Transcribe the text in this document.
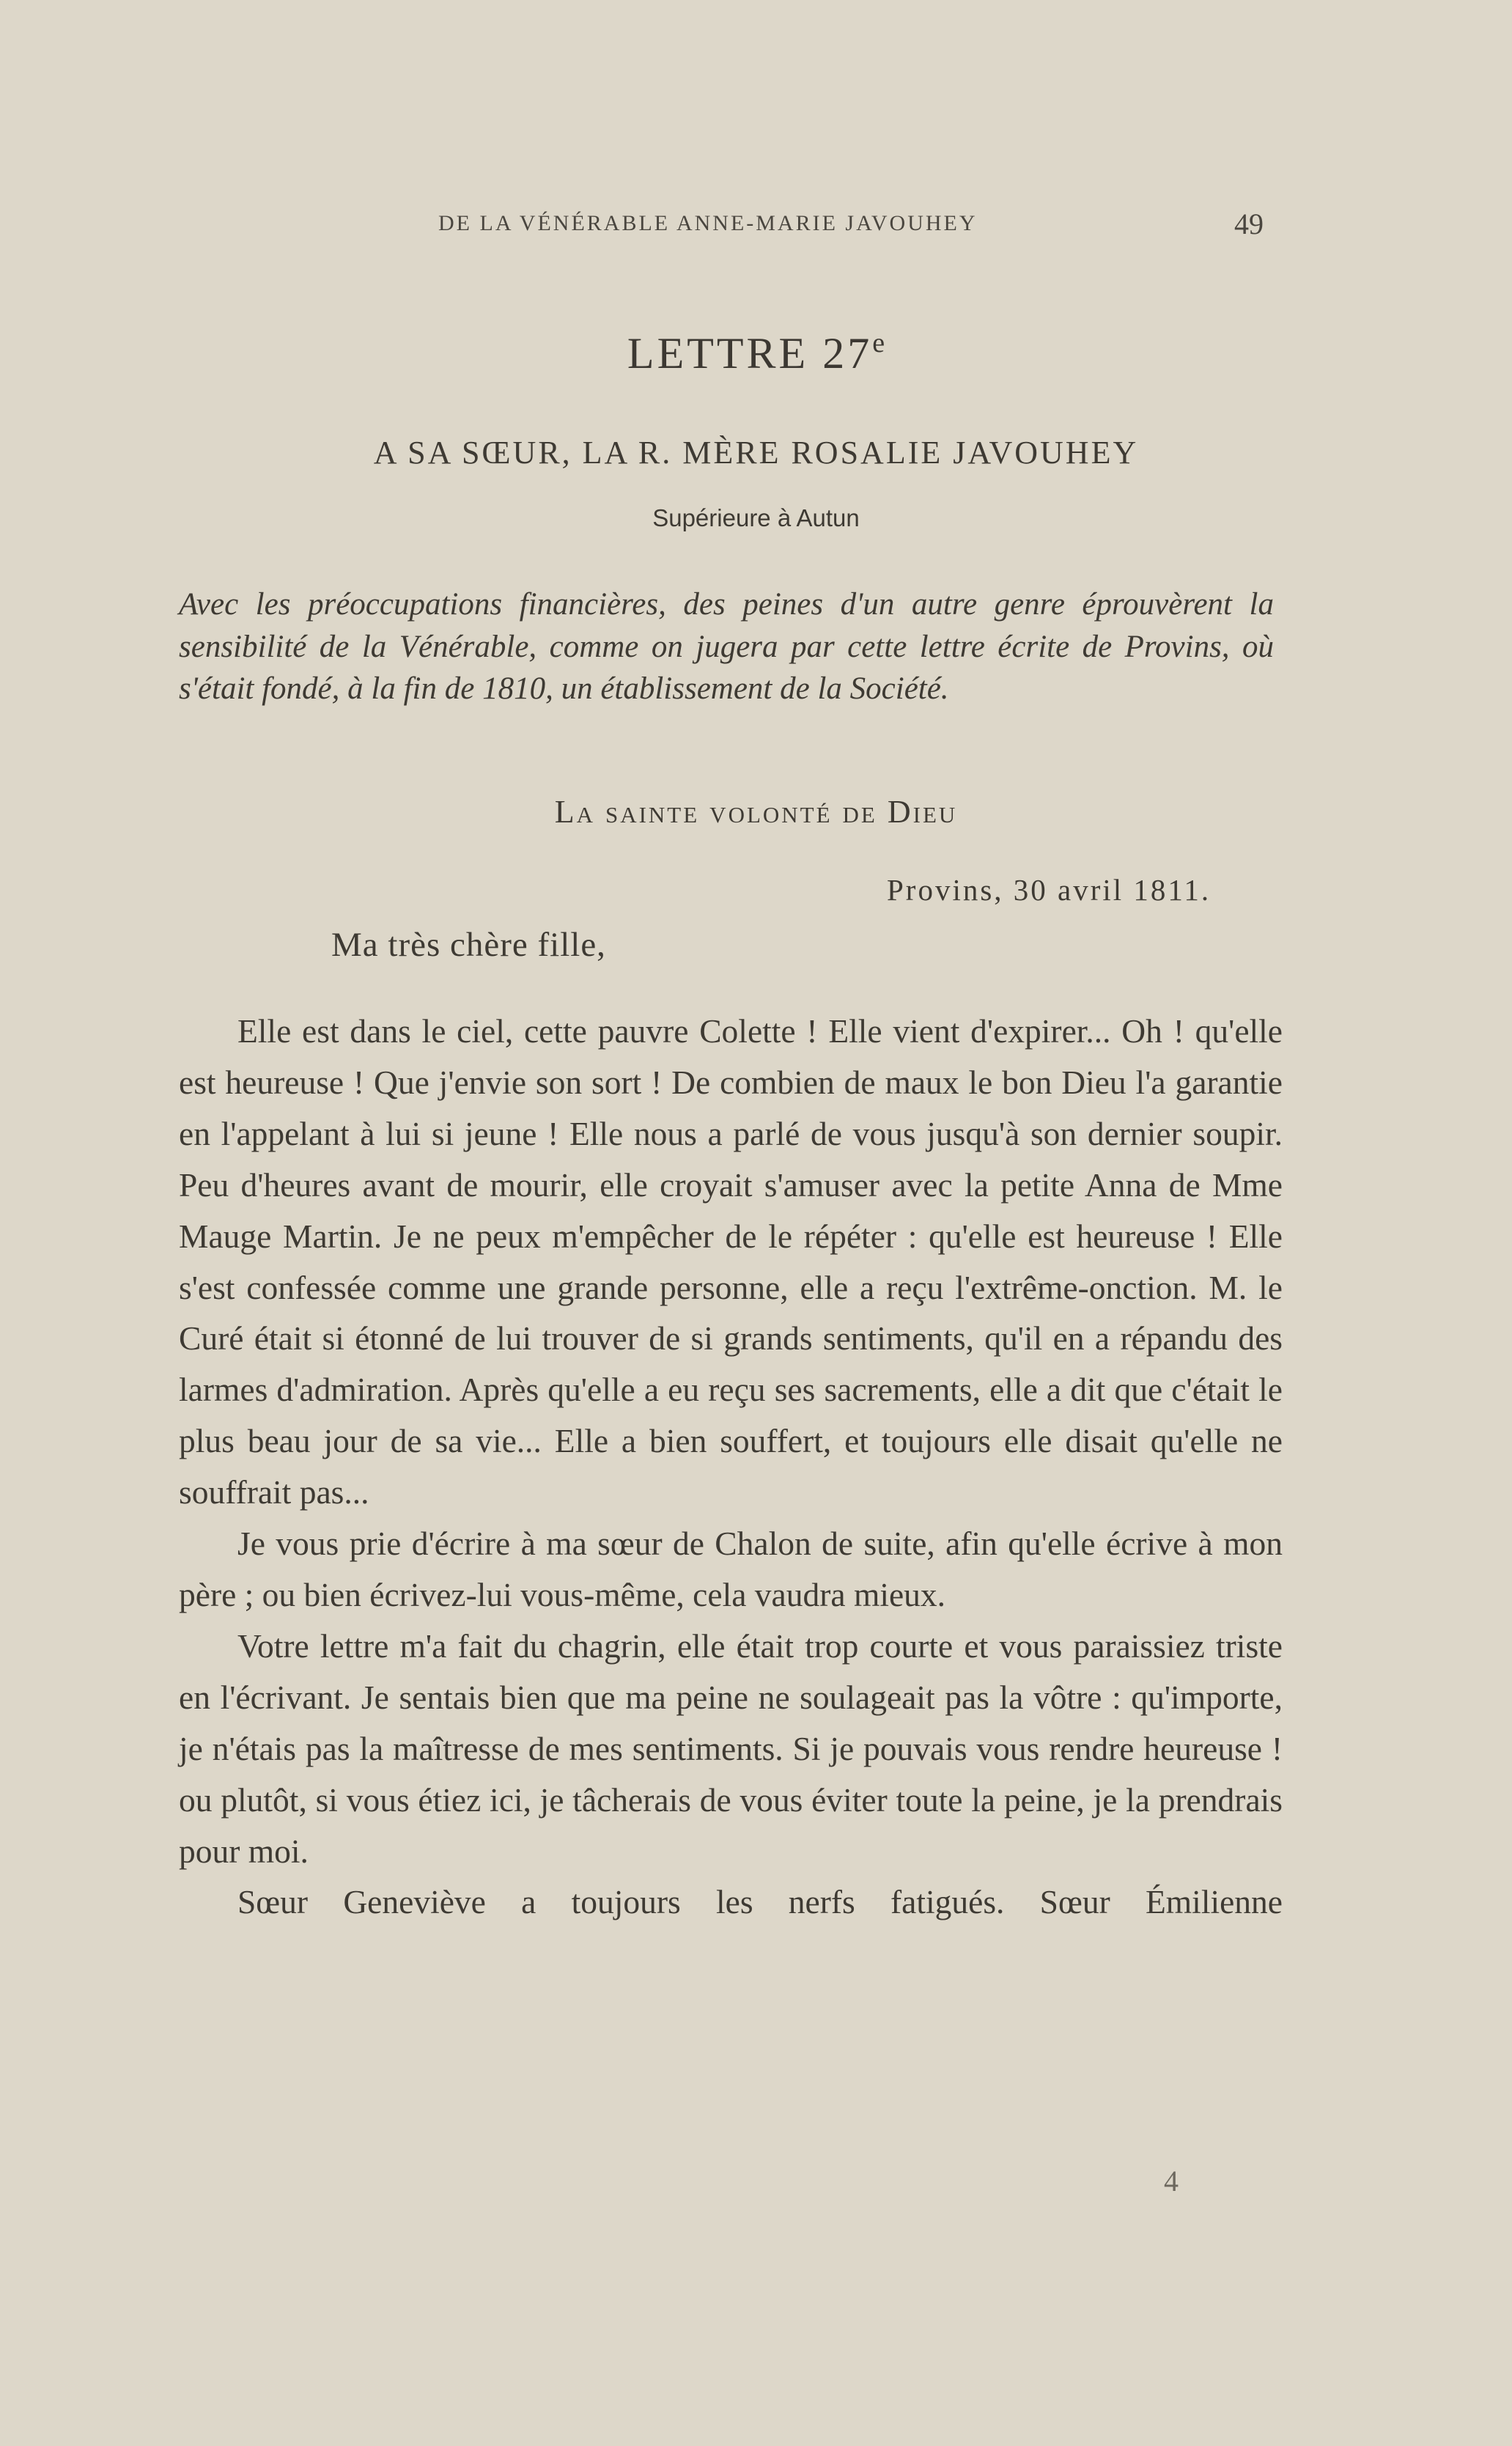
DE LA VÉNÉRABLE ANNE-MARIE JAVOUHEY	49
LETTRE 27e
A SA SŒUR, LA R. MÈRE ROSALIE JAVOUHEY
Supérieure à Autun

Avec les préoccupations financières, des peines d'un autre genre éprouvèrent la sensibilité de la Vénérable, comme on jugera par cette lettre écrite de Provins, où s'était fondé, à la fin de 1810, un établissement de la Société.

La sainte volonté de Dieu
Provins, 30 avril 1811.
Ma très chère fille,

Elle est dans le ciel, cette pauvre Colette ! Elle vient d'expirer... Oh ! qu'elle est heureuse ! Que j'envie son sort ! De combien de maux le bon Dieu l'a garantie en l'appelant à lui si jeune ! Elle nous a parlé de vous jusqu'à son dernier soupir. Peu d'heures avant de mourir, elle croyait s'amuser avec la petite Anna de Mme Mauge Martin. Je ne peux m'empêcher de le répéter : qu'elle est heureuse ! Elle s'est confessée comme une grande personne, elle a reçu l'extrême-onction. M. le Curé était si étonné de lui trouver de si grands sentiments, qu'il en a répandu des larmes d'admiration. Après qu'elle a eu reçu ses sacrements, elle a dit que c'était le plus beau jour de sa vie... Elle a bien souffert, et toujours elle disait qu'elle ne souffrait pas...

Je vous prie d'écrire à ma sœur de Chalon de suite, afin qu'elle écrive à mon père ; ou bien écrivez-lui vous-même, cela vaudra mieux.

Votre lettre m'a fait du chagrin, elle était trop courte et vous paraissiez triste en l'écrivant. Je sentais bien que ma peine ne soulageait pas la vôtre : qu'importe, je n'étais pas la maîtresse de mes sentiments. Si je pouvais vous rendre heureuse ! ou plutôt, si vous étiez ici, je tâcherais de vous éviter toute la peine, je la prendrais pour moi.

Sœur Geneviève a toujours les nerfs fatigués. Sœur Émilienne

4
